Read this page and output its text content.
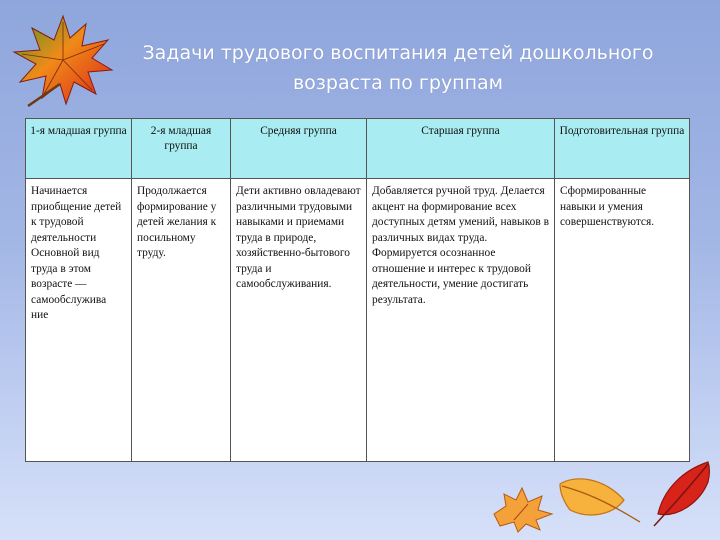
Задачи трудового воспитания детей дошкольного
возраста по группам
1-я младшая группа	2-я младшая группа	Средняя группа	Старшая группа	Подготовительная группа
Начинается приобщение детей к трудовой деятельности Основной вид труда в этом возрасте — самообслужива ние	Продолжается формирование у детей желания к посильному труду.	Дети активно овладевают различными трудовыми навыками и приемами труда в природе, хозяйственно-бытового труда и самообслуживания.	Добавляется ручной труд. Делается акцент на формирование всех доступных детям умений, навыков в различных видах труда. Формируется осознанное отношение и интерес к трудовой деятельности, умение достигать результата.	Сформированные навыки и умения совершенствуются.
